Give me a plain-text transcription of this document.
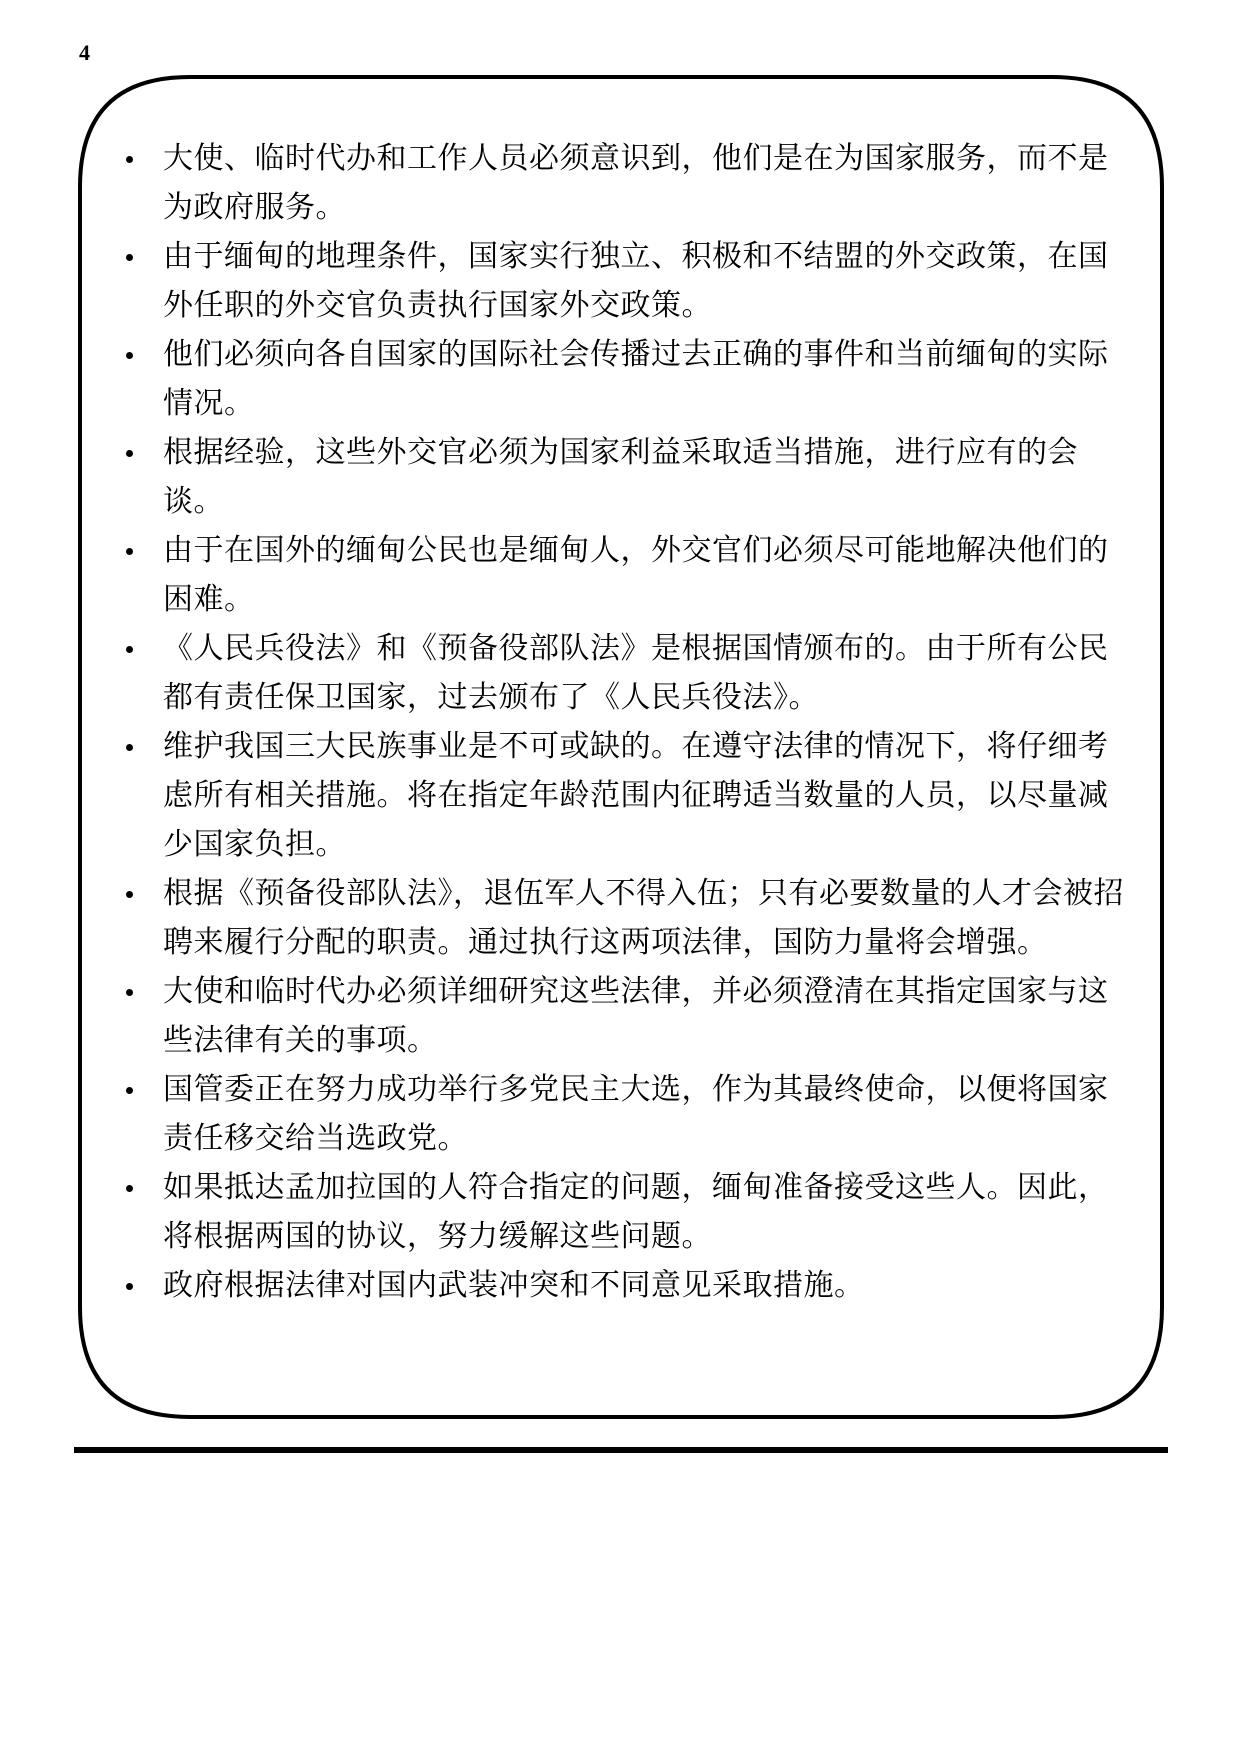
4
大使、临时代办和工作人员必须意识到，他们是在为国家服务，而不是为政府服务。
由于缅甸的地理条件，国家实行独立、积极和不结盟的外交政策，在国外任职的外交官负责执行国家外交政策。
他们必须向各自国家的国际社会传播过去正确的事件和当前缅甸的实际情况。
根据经验，这些外交官必须为国家利益采取适当措施，进行应有的会谈。
由于在国外的缅甸公民也是缅甸人，外交官们必须尽可能地解决他们的困难。
《人民兵役法》和《预备役部队法》是根据国情颁布的。由于所有公民都有责任保卫国家，过去颁布了《人民兵役法》。
维护我国三大民族事业是不可或缺的。在遵守法律的情况下，将仔细考虑所有相关措施。将在指定年龄范围内征聘适当数量的人员，以尽量减少国家负担。
根据《预备役部队法》，退伍军人不得入伍；只有必要数量的人才会被招聘来履行分配的职责。通过执行这两项法律，国防力量将会增强。
大使和临时代办必须详细研究这些法律，并必须澄清在其指定国家与这些法律有关的事项。
国管委正在努力成功举行多党民主大选，作为其最终使命，以便将国家责任移交给当选政党。
如果抵达孟加拉国的人符合指定的问题，缅甸准备接受这些人。因此，将根据两国的协议，努力缓解这些问题。
政府根据法律对国内武装冲突和不同意见采取措施。
